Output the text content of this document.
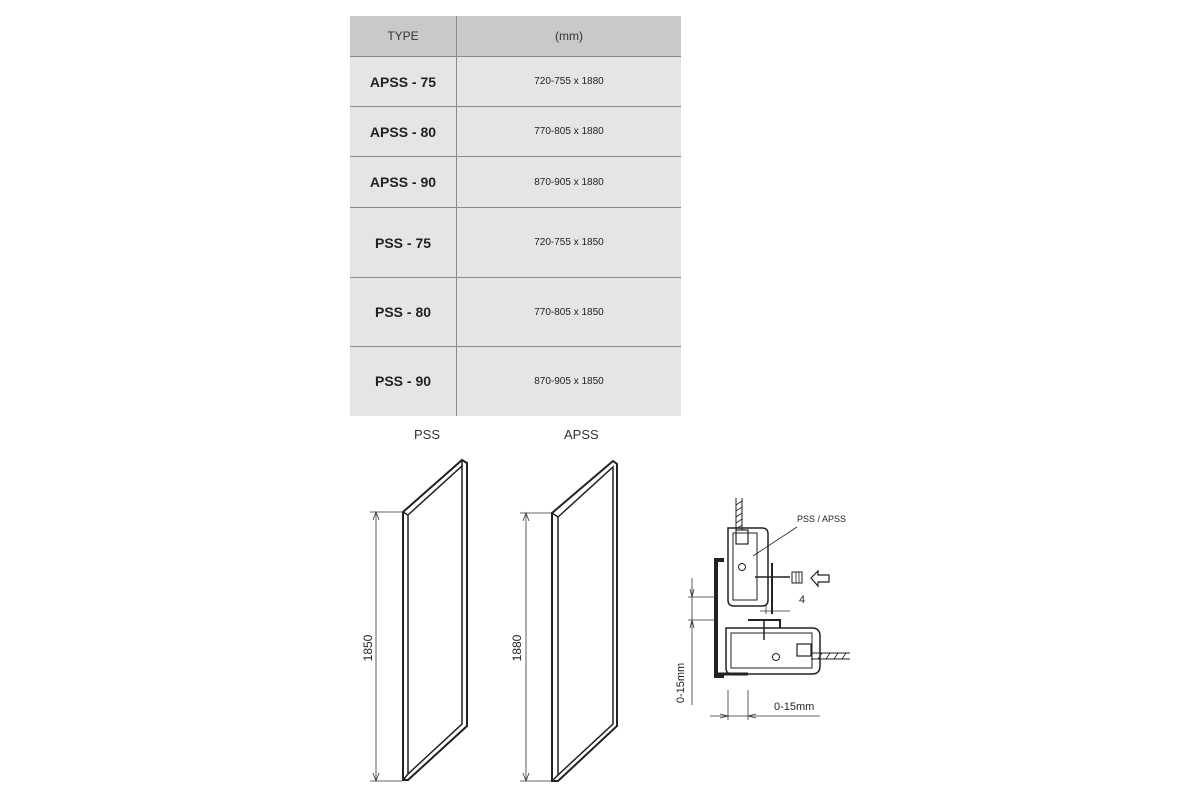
TYPE	(mm)
APSS - 75	720-755 x 1880
APSS - 80	770-805 x 1880
APSS - 90	870-905 x 1880
PSS - 75	720-755 x 1850
PSS - 80	770-805 x 1850
PSS - 90	870-905 x 1850
PSS	APSS
1850	1880
PSS / APSS
4
0-15mm
0-15mm
